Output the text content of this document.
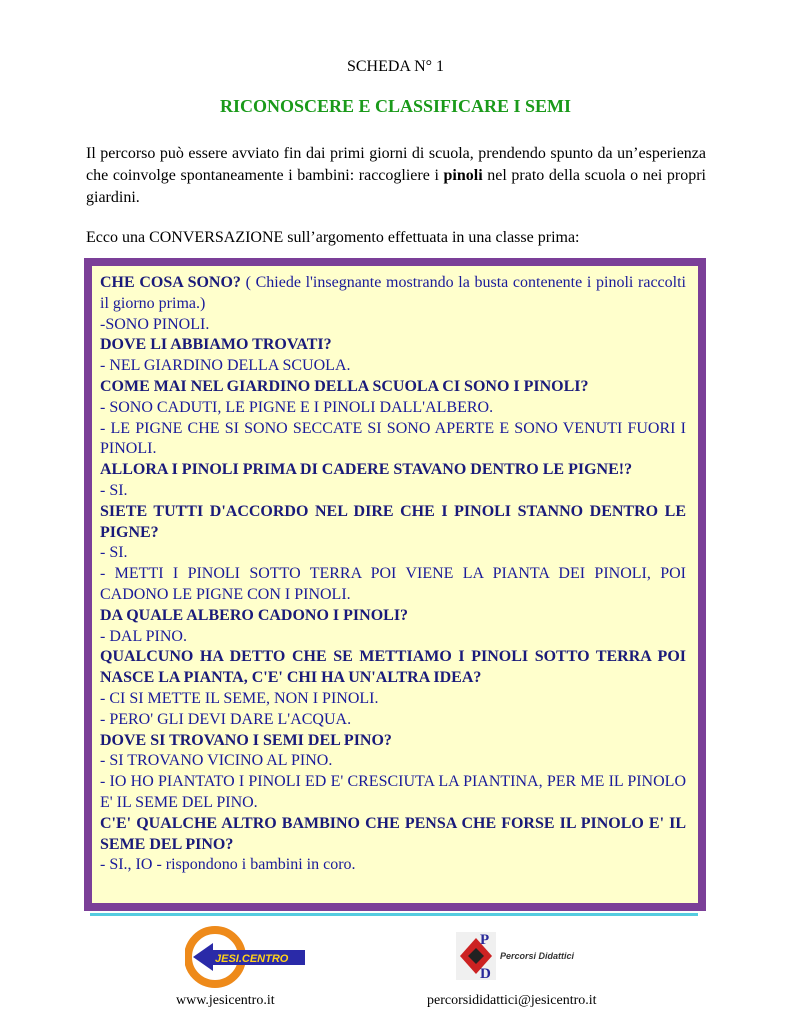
SCHEDA N° 1
RICONOSCERE E CLASSIFICARE I SEMI
Il percorso può essere avviato fin dai primi giorni di scuola, prendendo spunto da un’esperienza che coinvolge spontaneamente i bambini: raccogliere i pinoli nel prato della scuola o nei propri giardini.
Ecco una CONVERSAZIONE sull’argomento effettuata in una classe prima:

CHE COSA SONO? ( Chiede l'insegnante mostrando la busta contenente i pinoli raccolti il giorno prima.)

-SONO PINOLI.

DOVE LI ABBIAMO TROVATI?

- NEL GIARDINO DELLA SCUOLA.

COME MAI NEL GIARDINO DELLA SCUOLA CI SONO I PINOLI?

- SONO CADUTI, LE PIGNE E I PINOLI DALL'ALBERO.

- LE PIGNE CHE SI SONO SECCATE SI SONO APERTE E SONO VENUTI FUORI I PINOLI.

ALLORA I PINOLI PRIMA DI CADERE STAVANO DENTRO LE PIGNE!?

- SI.

SIETE TUTTI D'ACCORDO NEL DIRE CHE I PINOLI STANNO DENTRO LE PIGNE?

- SI.

- METTI I PINOLI SOTTO TERRA POI VIENE LA PIANTA DEI PINOLI, POI CADONO LE PIGNE CON I PINOLI.

DA QUALE ALBERO CADONO I PINOLI?

- DAL PINO.

QUALCUNO HA DETTO CHE SE METTIAMO I PINOLI SOTTO TERRA POI NASCE LA PIANTA, C'E' CHI HA UN'ALTRA IDEA?

- CI SI METTE IL SEME, NON I PINOLI.

- PERO' GLI DEVI DARE L'ACQUA.

DOVE SI TROVANO I SEMI DEL PINO?

- SI TROVANO VICINO AL PINO.

- IO HO PIANTATO I PINOLI ED E' CRESCIUTA LA PIANTINA, PER ME IL PINOLO E' IL SEME DEL PINO.

C'E' QUALCHE ALTRO BAMBINO CHE PENSA CHE FORSE IL PINOLO E' IL SEME DEL PINO?

- SI., IO - rispondono i bambini in coro.

JESI.CENTRO
P
D
Percorsi Didattici
www.jesicentro.it	percorsididattici@jesicentro.it
